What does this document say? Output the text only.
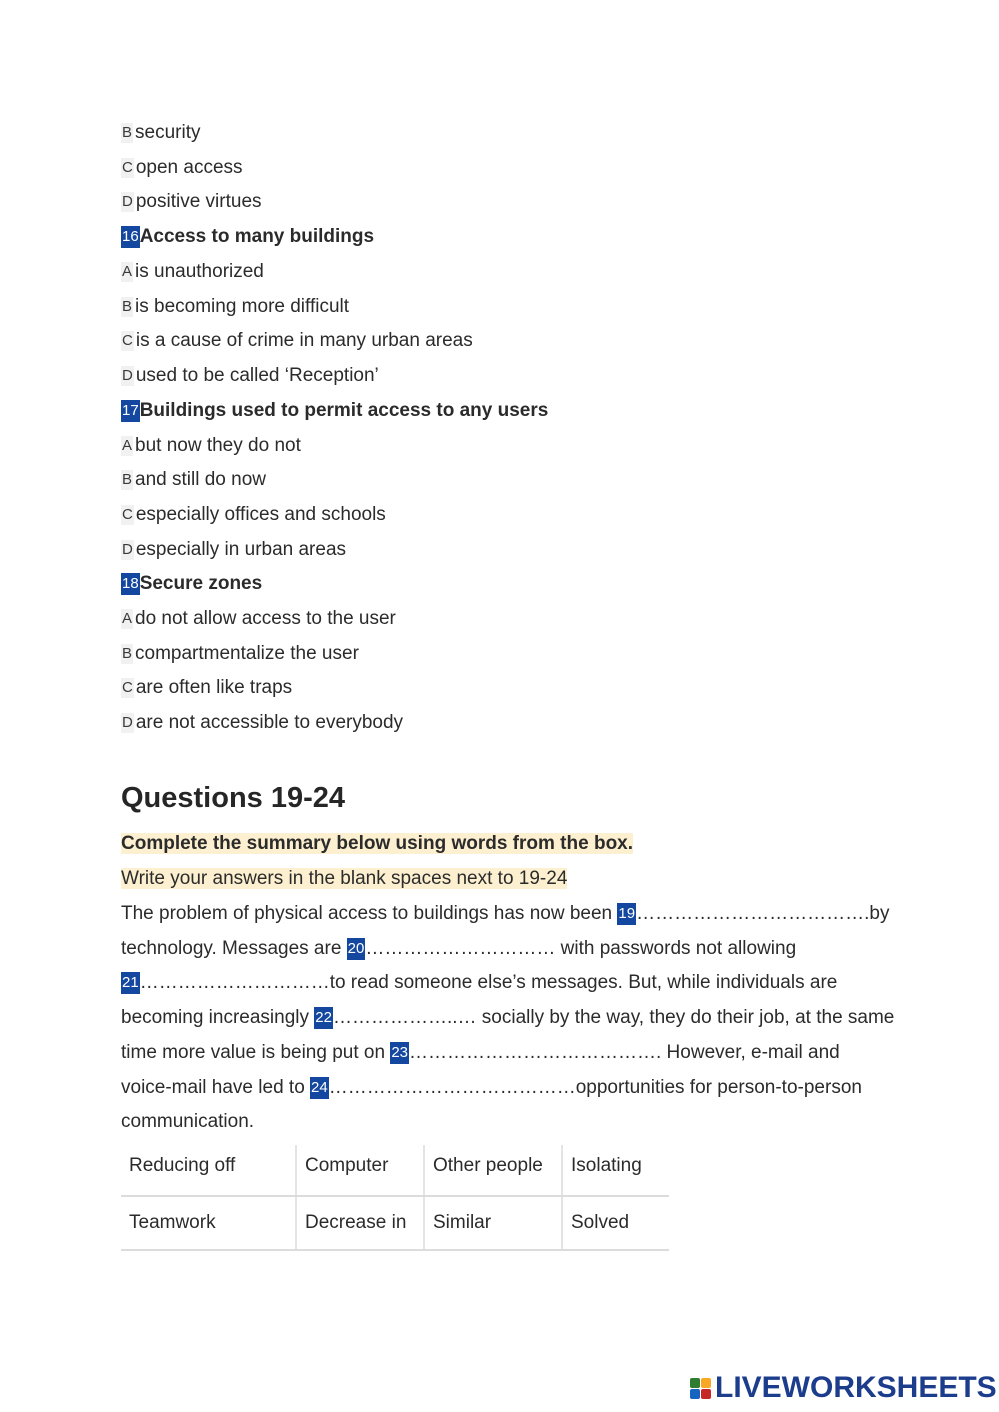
B security
C open access
D positive virtues
16Access to many buildings
A is unauthorized
B is becoming more difficult
C is a cause of crime in many urban areas
D used to be called ‘Reception’
17Buildings used to permit access to any users
A but now they do not
B and still do now
C especially offices and schools
D especially in urban areas
18Secure zones
A do not allow access to the user
B compartmentalize the user
C are often like traps
D are not accessible to everybody
Questions 19-24
Complete the summary below using words from the box.
Write your answers in the blank spaces next to 19-24
The problem of physical access to buildings has now been 19……………………………….by
technology. Messages are 20………………………… with passwords not allowing
21…………………………to read someone else’s messages. But, while individuals are
becoming increasingly 22………………..… socially by the way, they do their job, at the same
time more value is being put on 23…………………………………. However, e-mail and
voice-mail have led to 24…………………………………opportunities for person-to-person
communication.
Reducing off	Computer	Other people	Isolating
Teamwork	Decrease in	Similar	Solved
LIVEWORKSHEETS
